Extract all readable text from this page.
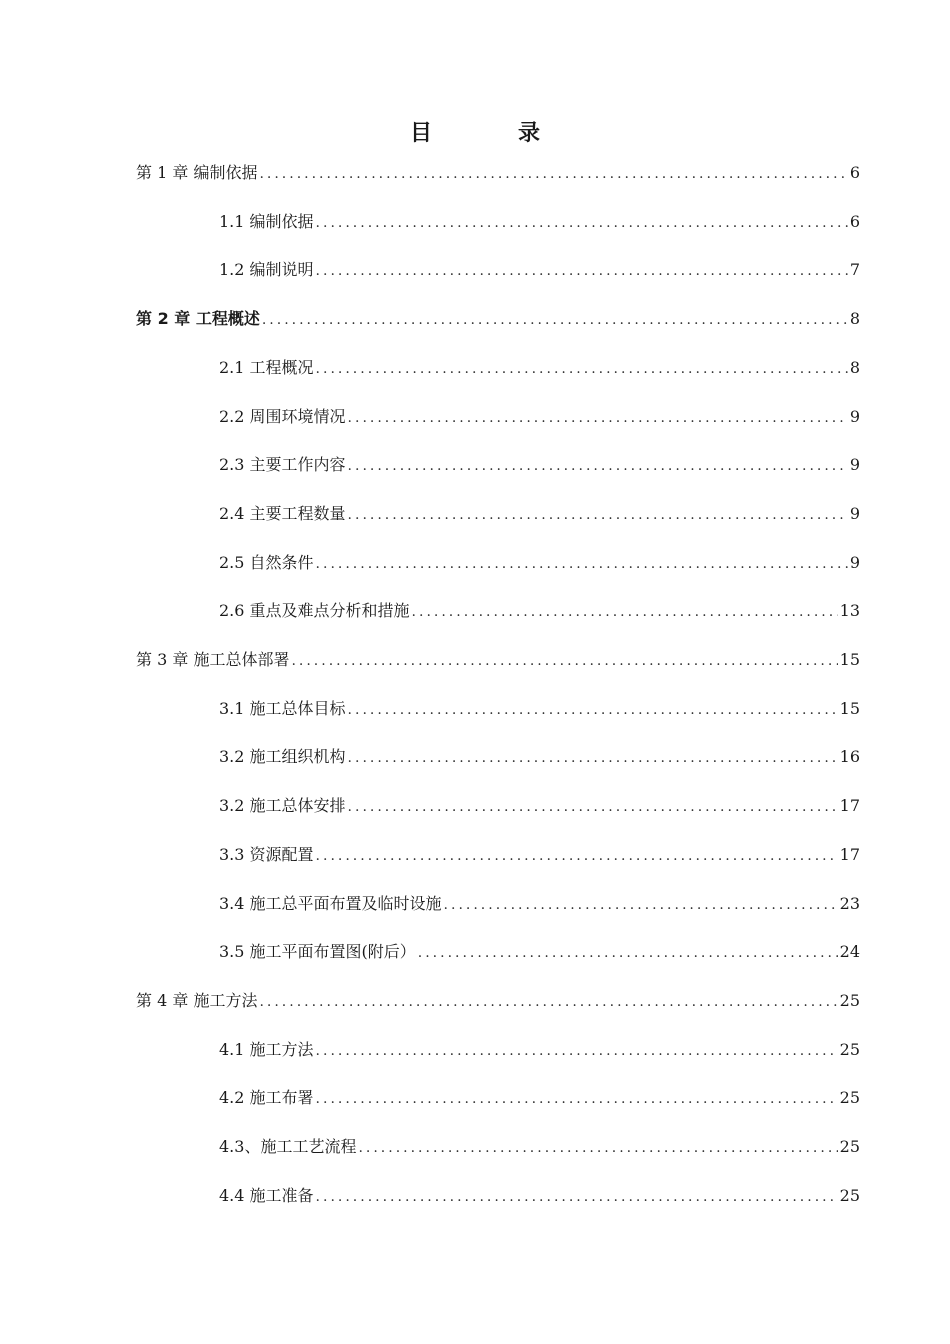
目	录
第 1 章 编制依据 .....	6
1.1 编制依据 .....	6
1.2 编制说明 .....	7
第 2 章 工程概述 .....	8
2.1 工程概况 .....	8
2.2 周围环境情况 .....	9
2.3 主要工作内容 .....	9
2.4 主要工程数量 .....	9
2.5 自然条件 .....	9
2.6 重点及难点分析和措施 .....	13
第 3 章 施工总体部署 .....	15
3.1 施工总体目标 .....	15
3.2 施工组织机构 .....	16
3.2 施工总体安排 .....	17
3.3 资源配置 .....	17
3.4 施工总平面布置及临时设施 .....	23
3.5 施工平面布置图(附后） .....	24
第 4 章 施工方法 .....	25
4.1 施工方法 .....	25
4.2 施工布署 .....	25
4.3、施工工艺流程 .....	25
4.4 施工准备 .....	25
